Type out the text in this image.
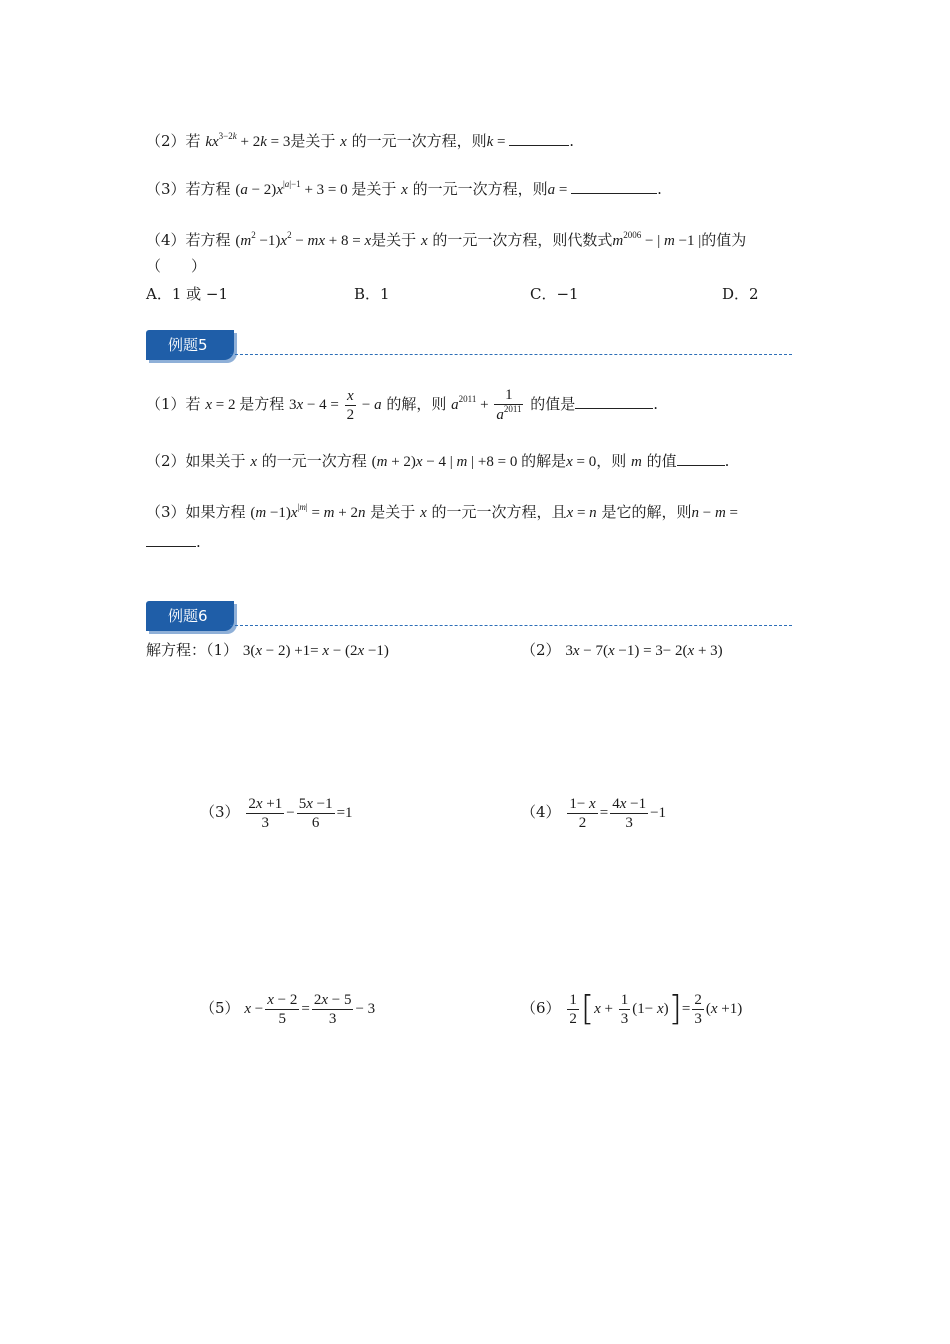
（2）若 $kx^{3-2k} + 2k = 3$是关于 x 的一元一次方程，则k =	.
（3）若方程 $(a - 2)x^{|a|-1} + 3 = 0$ 是关于 x 的一元一次方程，则a =	.
（4）若方程 $(m^2 -1)x^2$ − mx + 8 = x是关于 x 的一元一次方程，则代数式$m^{2006}$ − | m −1 |的值为
（　　）
A．1 或 −1	B．1	C．−1	D．2
例题5
（1）若 x = 2 是方程 $3x - 4 = \frac{x}{2} - a$ 的解，则 $a^{2011} + \frac{1}{a^{2011}}$ 的值是	.
（2）如果关于 x 的一元一次方程 (m + 2)x − 4 | m | +8 = 0 的解是x = 0，则 m 的值	.
（3）如果方程 $(m -1)x^{|m|} = m + 2n$ 是关于 x 的一元一次方程，且x = n 是它的解，则n − m =
.
例题6
解方程：（1） 3(x − 2) +1= x − (2x −1)	（2） 3x − 7(x −1) = 3− 2(x + 3)
$(3) \frac{2x +1}{3} - \frac{5x -1}{6} =1$	$(4) \frac{1- x}{2} = \frac{4x -1}{3} -1$
（5） $x - \frac{x - 2}{5} = \frac{2x - 5}{3} - 3$	$(6) \frac{1}{2} [x + \frac{1}{3} (1- x)]= \frac{2}{3} (x +1)$
